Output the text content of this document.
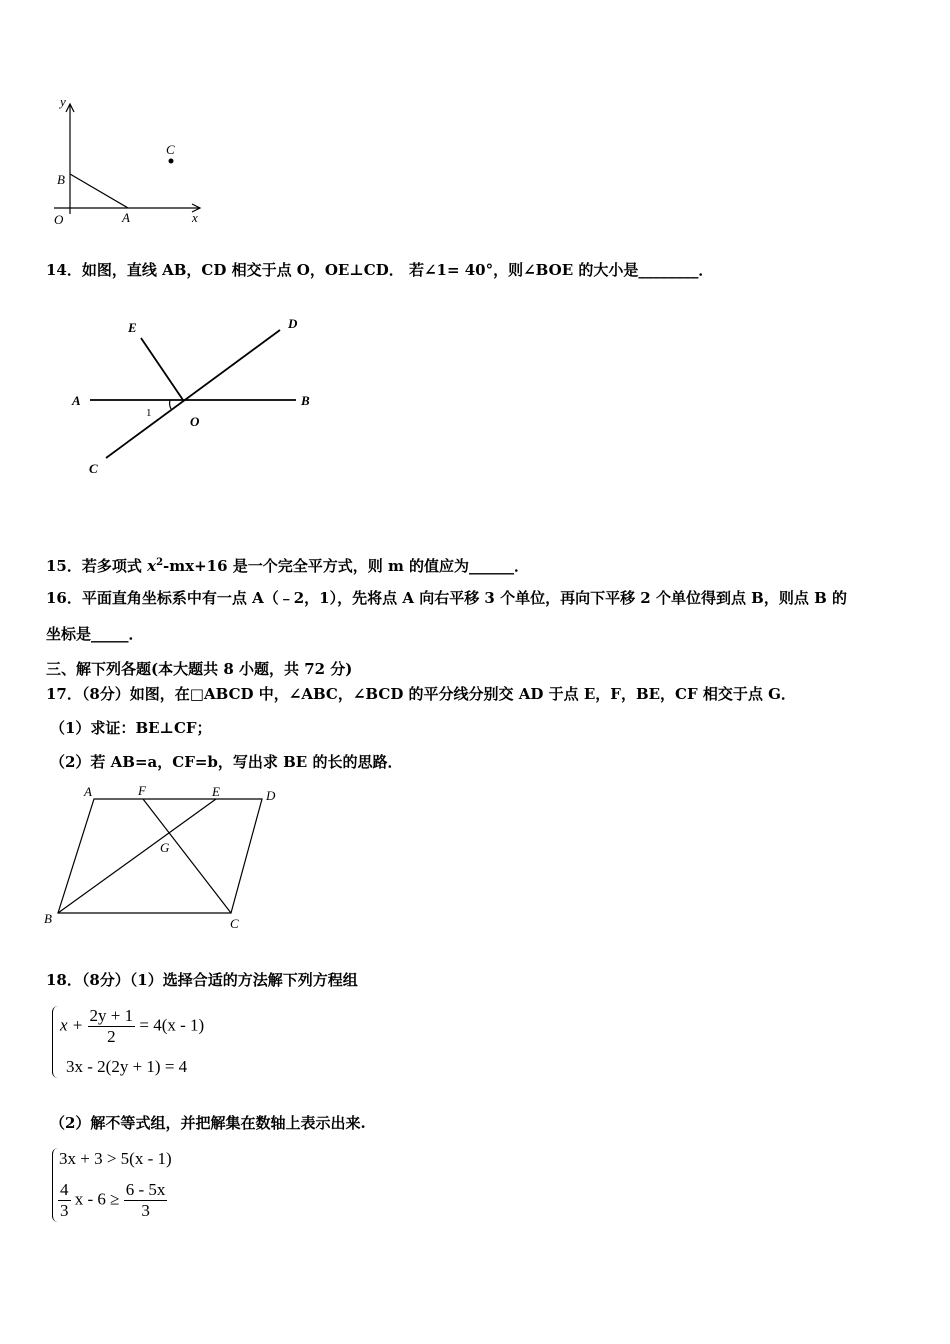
y
x
O	A
B
C
14．如图，直线 AB，CD 相交于点 O，OE⊥CD． 若∠1= 40°，则∠BOE 的大小是________．
E	D
A	B
1
O
C
15．若多项式 $x^2-mx+16$ 是一个完全平方式，则 m 的值应为______．
16．平面直角坐标系中有一点 A（﹣2，1），先将点 A 向右平移 3 个单位，再向下平移 2 个单位得到点 B，则点 B 的
坐标是_____．
三、解下列各题(本大题共 8 小题，共 72 分)
17．（8分）如图，在□ABCD 中，∠ABC，∠BCD 的平分线分别交 AD 于点 E，F，BE，CF 相交于点 G．
（1）求证：BE⊥CF；
（2）若 AB=a，CF=b，写出求 BE 的长的思路．
A	F	E	D
G
B	C
18．（8分）（1）选择合适的方法解下列方程组
$x + \frac{2y + 1}{2} = 4(x - 1)$
3x - 2(2y + 1) = 4
（2）解不等式组，并把解集在数轴上表示出来.
3x + 3 > 5(x - 1)
$\frac{4}{3}$ $x - 6 \ge \frac{6 - 5x}{3}$
